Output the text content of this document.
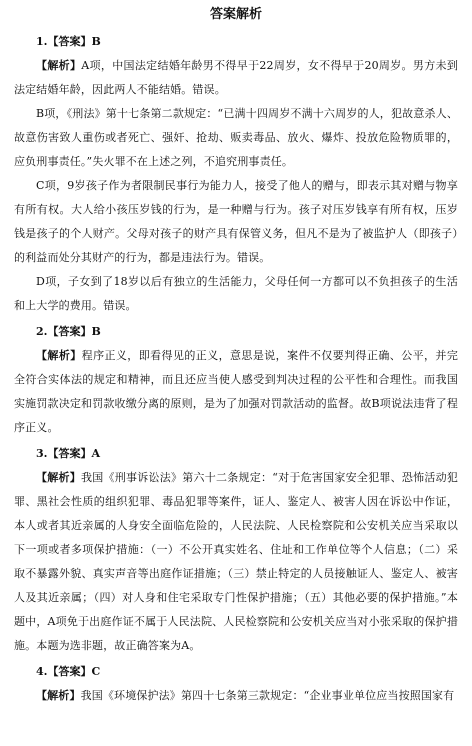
答案解析
1.【答案】B

【解析】A项，中国法定结婚年龄男不得早于22周岁，女不得早于20周岁。男方未到法定结婚年龄，因此两人不能结婚。错误。

B项，《刑法》第十七条第二款规定：“已满十四周岁不满十六周岁的人，犯故意杀人、故意伤害致人重伤或者死亡、强奸、抢劫、贩卖毒品、放火、爆炸、投放危险物质罪的，应负刑事责任。”失火罪不在上述之列，不追究刑事责任。

C项，9岁孩子作为者限制民事行为能力人，接受了他人的赠与，即表示其对赠与物享有所有权。大人给小孩压岁钱的行为，是一种赠与行为。孩子对压岁钱享有所有权，压岁钱是孩子的个人财产。父母对孩子的财产具有保管义务，但凡不是为了被监护人（即孩子）的利益而处分其财产的行为，都是违法行为。错误。

D项，子女到了18岁以后有独立的生活能力，父母任何一方都可以不负担孩子的生活和上大学的费用。错误。

2.【答案】B

【解析】程序正义，即看得见的正义，意思是说，案件不仅要判得正确、公平，并完全符合实体法的规定和精神，而且还应当使人感受到判决过程的公平性和合理性。而我国实施罚款决定和罚款收缴分离的原则，是为了加强对罚款活动的监督。故B项说法违背了程序正义。

3.【答案】A

【解析】我国《刑事诉讼法》第六十二条规定：“对于危害国家安全犯罪、恐怖活动犯罪、黑社会性质的组织犯罪、毒品犯罪等案件，证人、鉴定人、被害人因在诉讼中作证，本人或者其近亲属的人身安全面临危险的，人民法院、人民检察院和公安机关应当采取以下一项或者多项保护措施：（一）不公开真实姓名、住址和工作单位等个人信息；（二）采取不暴露外貌、真实声音等出庭作证措施；（三）禁止特定的人员接触证人、鉴定人、被害人及其近亲属；（四）对人身和住宅采取专门性保护措施；（五）其他必要的保护措施。”本题中，A项免于出庭作证不属于人民法院、人民检察院和公安机关应当对小张采取的保护措施。本题为选非题，故正确答案为A。

4.【答案】C

【解析】我国《环境保护法》第四十七条第三款规定：“企业事业单位应当按照国家有
